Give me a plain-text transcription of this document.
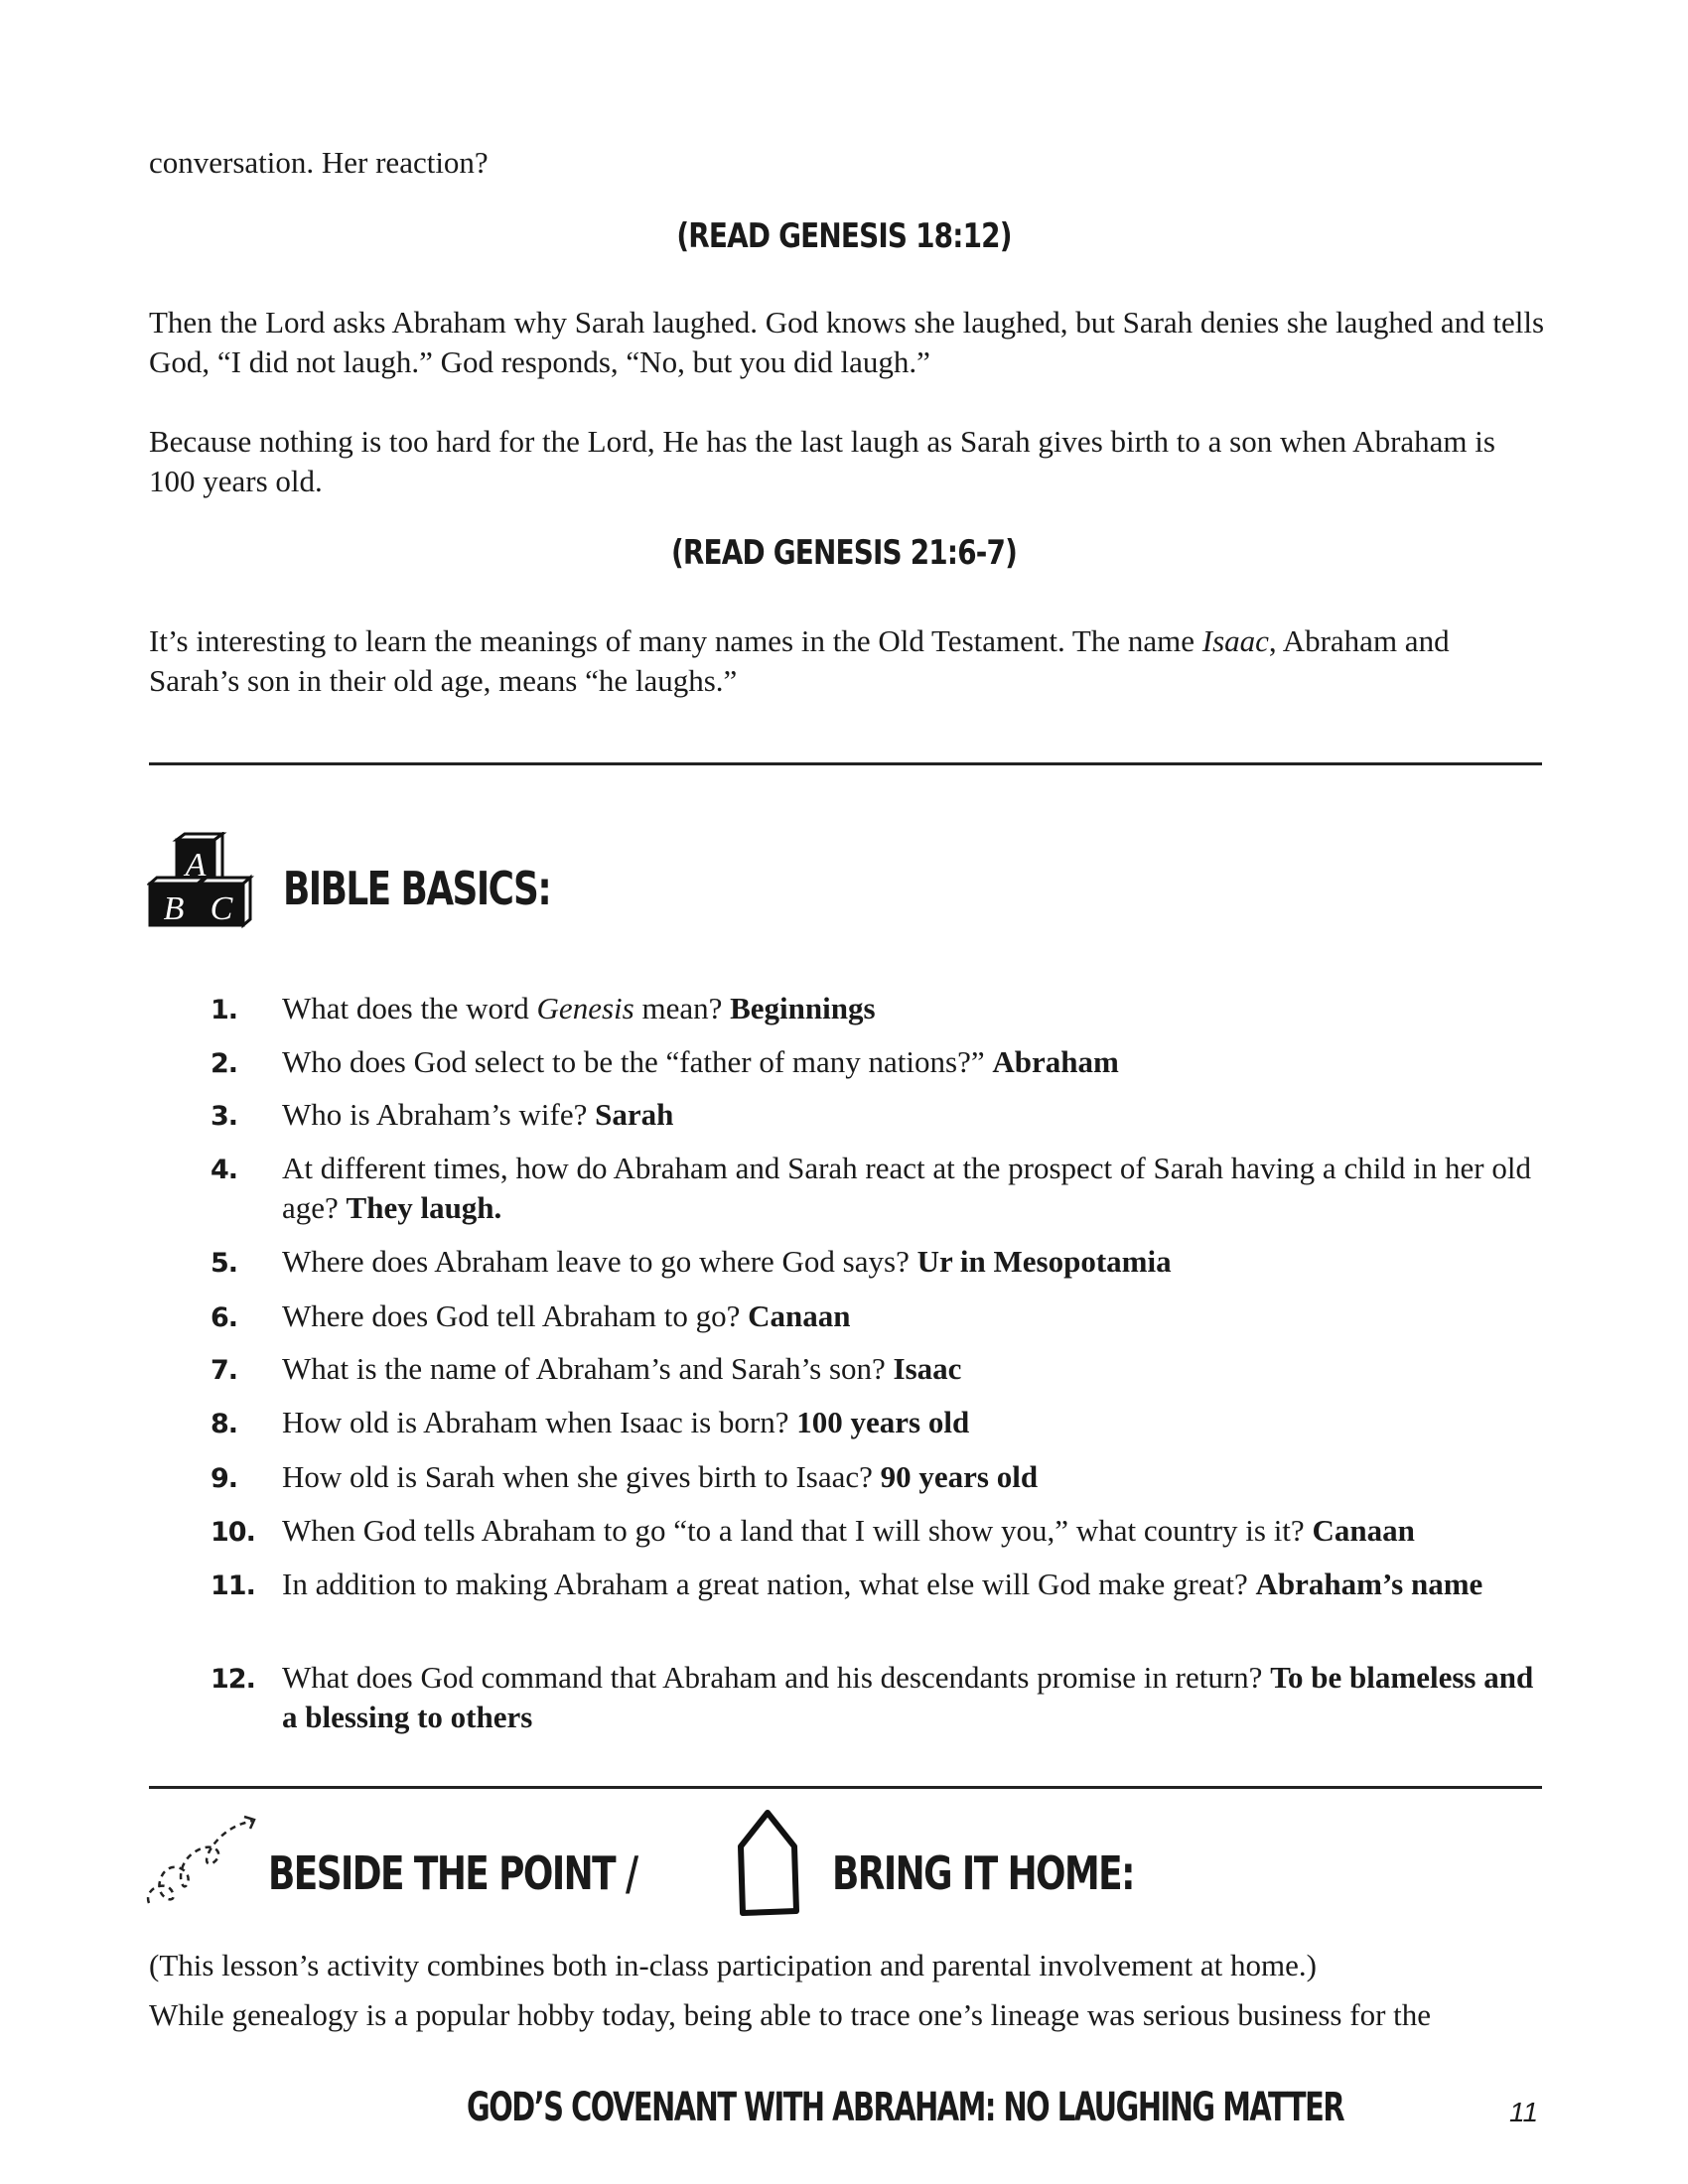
conversation. Her reaction?

(READ GENESIS 18:12)

Then the Lord asks Abraham why Sarah laughed. God knows she laughed, but Sarah denies she laughed and tells God, “I did not laugh.” God responds, “No, but you did laugh.”

Because nothing is too hard for the Lord, He has the last laugh as Sarah gives birth to a son when Abraham is 100 years old.

(READ GENESIS 21:6-7)

It’s interesting to learn the meanings of many names in the Old Testament. The name Isaac, Abraham and Sarah’s son in their old age, means “he laughs.”

A
B C BIBLE BASICS:
1. What does the word Genesis mean? Beginnings
2. Who does God select to be the “father of many nations?” Abraham
3. Who is Abraham’s wife? Sarah
4. At different times, how do Abraham and Sarah react at the prospect of Sarah having a child in her old age? They laugh.
5. Where does Abraham leave to go where God says? Ur in Mesopotamia
6. Where does God tell Abraham to go? Canaan
7. What is the name of Abraham’s and Sarah’s son? Isaac
8. How old is Abraham when Isaac is born? 100 years old
9. How old is Sarah when she gives birth to Isaac? 90 years old
10. When God tells Abraham to go “to a land that I will show you,” what country is it? Canaan
11. In addition to making Abraham a great nation, what else will God make great? Abraham’s name
12. What does God command that Abraham and his descendants promise in return? To be blameless and a blessing to others
BESIDE THE POINT /	BRING IT HOME:

(This lesson’s activity combines both in-class participation and parental involvement at home.)

While genealogy is a popular hobby today, being able to trace one’s lineage was serious business for the

GOD’S COVENANT WITH ABRAHAM: NO LAUGHING MATTER	11
